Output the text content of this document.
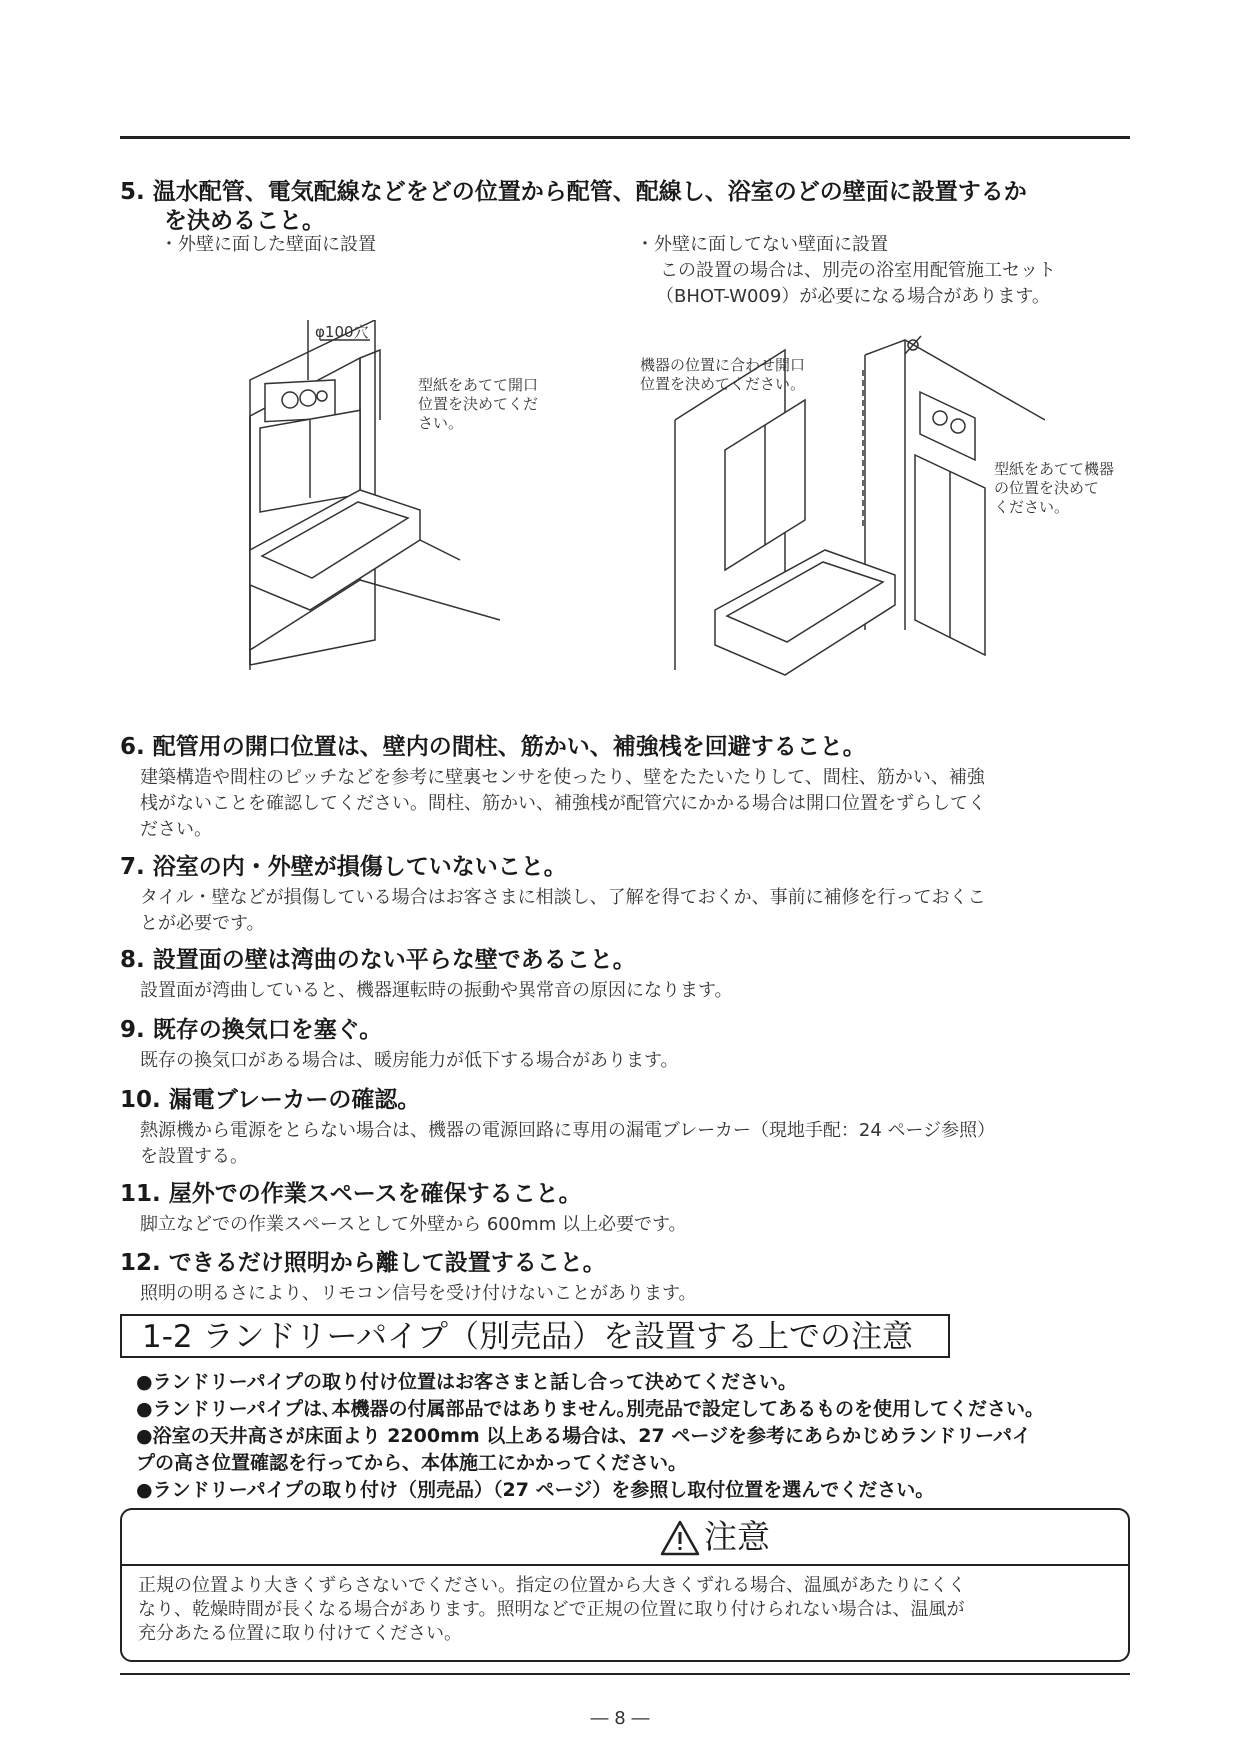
5. 温水配管、電気配線などをどの位置から配管、配線し、浴室のどの壁面に設置するか
を決めること。
・外壁に面した壁面に設置	・外壁に面してない壁面に設置
この設置の場合は、別売の浴室用配管施工セット
（BHOT-W009）が必要になる場合があります。
φ100穴
型紙をあてて開口
位置を決めてくだ
さい。
機器の位置に合わせ開口
位置を決めてください。
型紙をあてて機器
の位置を決めて
ください。
6. 配管用の開口位置は、壁内の間柱、筋かい、補強桟を回避すること。
建築構造や間柱のピッチなどを参考に壁裏センサを使ったり、壁をたたいたりして、間柱、筋かい、補強
桟がないことを確認してください。間柱、筋かい、補強桟が配管穴にかかる場合は開口位置をずらしてく
ださい。
7. 浴室の内・外壁が損傷していないこと。
タイル・壁などが損傷している場合はお客さまに相談し、了解を得ておくか、事前に補修を行っておくこ
とが必要です。
8. 設置面の壁は湾曲のない平らな壁であること。
設置面が湾曲していると、機器運転時の振動や異常音の原因になります。
9. 既存の換気口を塞ぐ。
既存の換気口がある場合は、暖房能力が低下する場合があります。
10. 漏電ブレーカーの確認。
熱源機から電源をとらない場合は、機器の電源回路に専用の漏電ブレーカー（現地手配：24 ページ参照）
を設置する。
11. 屋外での作業スペースを確保すること。
脚立などでの作業スペースとして外壁から 600mm 以上必要です。
12. できるだけ照明から離して設置すること。
照明の明るさにより、リモコン信号を受け付けないことがあります。
1-2 ランドリーパイプ（別売品）を設置する上での注意
●ランドリーパイプの取り付け位置はお客さまと話し合って決めてください。
●ランドリーパイプは､本機器の付属部品ではありません｡別売品で設定してあるものを使用してください｡
●浴室の天井高さが床面より 2200mm 以上ある場合は、27 ページを参考にあらかじめランドリーパイ
プの高さ位置確認を行ってから、本体施工にかかってください。
●ランドリーパイプの取り付け（別売品）（27 ページ）を参照し取付位置を選んでください。
注意
正規の位置より大きくずらさないでください。指定の位置から大きくずれる場合、温風があたりにくく
なり、乾燥時間が長くなる場合があります。照明などで正規の位置に取り付けられない場合は、温風が
充分あたる位置に取り付けてください。
― 8 ―
